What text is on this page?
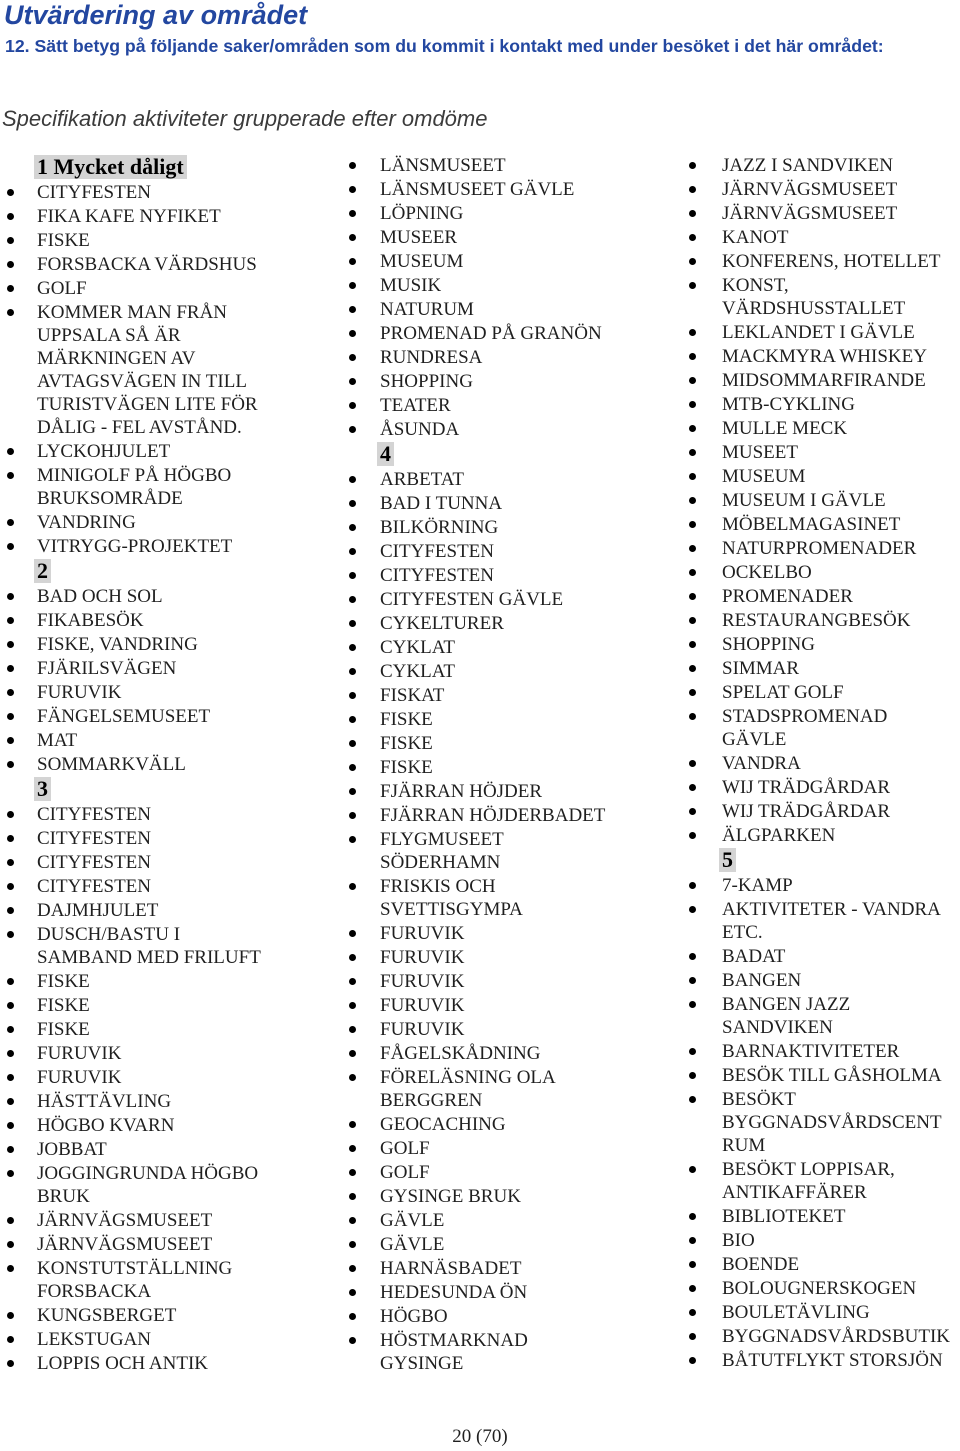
Utvärdering av området
12. Sätt betyg på följande saker/områden som du kommit i kontakt med under besöket i det här området:
Specifikation aktiviteter grupperade efter omdöme
1 Mycket dåligt
CITYFESTEN
FIKA KAFE NYFIKET
FISKE
FORSBACKA VÄRDSHUS
GOLF
KOMMER MAN FRÅN
UPPSALA SÅ ÄR
MÄRKNINGEN AV
AVTAGSVÄGEN IN TILL
TURISTVÄGEN LITE FÖR
DÅLIG - FEL AVSTÅND.
LYCKOHJULET
MINIGOLF PÅ HÖGBO
BRUKSOMRÅDE
VANDRING
VITRYGG-PROJEKTET
2
BAD OCH SOL
FIKABESÖK
FISKE, VANDRING
FJÄRILSVÄGEN
FURUVIK
FÄNGELSEMUSEET
MAT
SOMMARKVÄLL
3
CITYFESTEN
CITYFESTEN
CITYFESTEN
CITYFESTEN
DAJMHJULET
DUSCH/BASTU I
SAMBAND MED FRILUFT
FISKE
FISKE
FISKE
FURUVIK
FURUVIK
HÄSTTÄVLING
HÖGBO KVARN
JOBBAT
JOGGINGRUNDA HÖGBO
BRUK
JÄRNVÄGSMUSEET
JÄRNVÄGSMUSEET
KONSTUTSTÄLLNING
FORSBACKA
KUNGSBERGET
LEKSTUGAN
LOPPIS OCH ANTIK
LÄNSMUSEET
LÄNSMUSEET GÄVLE
LÖPNING
MUSEER
MUSEUM
MUSIK
NATURUM
PROMENAD PÅ GRANÖN
RUNDRESA
SHOPPING
TEATER
ÅSUNDA
4
ARBETAT
BAD I TUNNA
BILKÖRNING
CITYFESTEN
CITYFESTEN
CITYFESTEN GÄVLE
CYKELTURER
CYKLAT
CYKLAT
FISKAT
FISKE
FISKE
FISKE
FJÄRRAN HÖJDER
FJÄRRAN HÖJDERBADET
FLYGMUSEET
SÖDERHAMN
FRISKIS OCH
SVETTISGYMPA
FURUVIK
FURUVIK
FURUVIK
FURUVIK
FURUVIK
FÅGELSKÅDNING
FÖRELÄSNING OLA
BERGGREN
GEOCACHING
GOLF
GOLF
GYSINGE BRUK
GÄVLE
GÄVLE
HARNÄSBADET
HEDESUNDA ÖN
HÖGBO
HÖSTMARKNAD
GYSINGE
JAZZ I SANDVIKEN
JÄRNVÄGSMUSEET
JÄRNVÄGSMUSEET
KANOT
KONFERENS, HOTELLET
KONST,
VÄRDSHUSSTALLET
LEKLANDET I GÄVLE
MACKMYRA WHISKEY
MIDSOMMARFIRANDE
MTB-CYKLING
MULLE MECK
MUSEET
MUSEUM
MUSEUM I GÄVLE
MÖBELMAGASINET
NATURPROMENADER
OCKELBO
PROMENADER
RESTAURANGBESÖK
SHOPPING
SIMMAR
SPELAT GOLF
STADSPROMENAD
GÄVLE
VANDRA
WIJ TRÄDGÅRDAR
WIJ TRÄDGÅRDAR
ÄLGPARKEN
5
7-KAMP
AKTIVITETER - VANDRA
ETC.
BADAT
BANGEN
BANGEN JAZZ
SANDVIKEN
BARNAKTIVITETER
BESÖK TILL GÅSHOLMA
BESÖKT
BYGGNADSVÅRDSCENT
RUM
BESÖKT LOPPISAR,
ANTIKAFFÄRER
BIBLIOTEKET
BIO
BOENDE
BOLOUGNERSKOGEN
BOULETÄVLING
BYGGNADSVÅRDSBUTIK
BÅTUTFLYKT STORSJÖN
20 (70)
